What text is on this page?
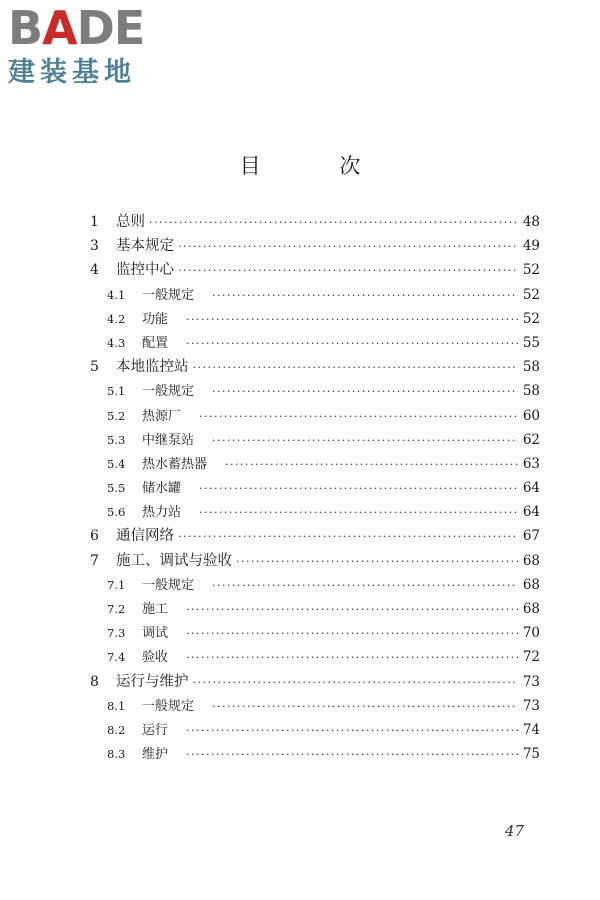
B A DE
建装基地
目 次
1	总则 ·····	48
3	基本规定 ·····	49
4	监控中心 ·····	52
4.1	一般规定 ·····	52
4.2	功能 ·····	52
4.3	配置 ·····	55
5	本地监控站 ·····	58
5.1	一般规定 ·····	58
5.2	热源厂 ·····	60
5.3	中继泵站 ·····	62
5.4	热水蓄热器 ·····	63
5.5	储水罐 ·····	64
5.6	热力站 ·····	64
6	通信网络 ·····	67
7	施工、调试与验收 ·····	68
7.1	一般规定 ·····	68
7.2	施工 ·····	68
7.3	调试 ·····	70
7.4	验收 ·····	72
8	运行与维护 ·····	73
8.1	一般规定 ·····	73
8.2	运行 ·····	74
8.3	维护 ·····	75
47
